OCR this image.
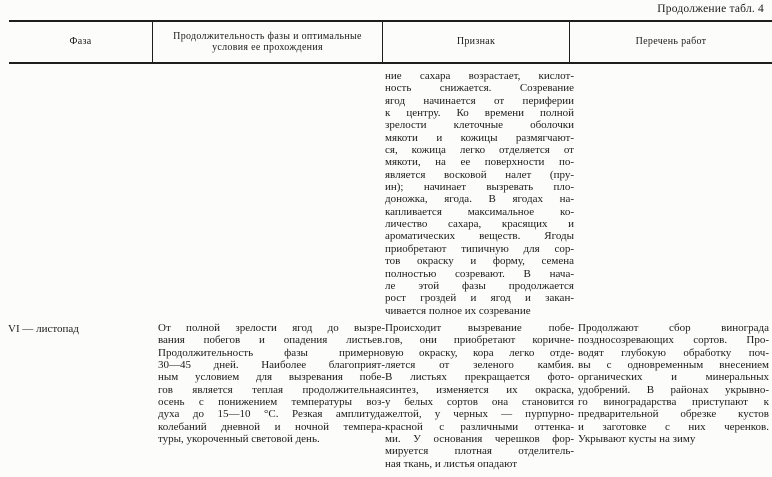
Продолжение табл. 4
Фаза
Продолжительность фазы и оптимальные условия ее прохождения
Признак	Перечень работ
ние сахара возрастает, кислот-
ность снижается. Созревание
ягод начинается от периферии
к центру. Ко времени полной
зрелости клеточные оболочки
мякоти и кожицы размягчают-
ся, кожица легко отделяется от
мякоти, на ее поверхности по-
является восковой налет (пру-
ин); начинает вызревать пло-
доножка, ягода. В ягодах на-
капливается максимальное ко-
личество сахара, красящих и
ароматических веществ. Ягоды
приобретают типичную для сор-
тов окраску и форму, семена
полностью созревают. В нача-
ле этой фазы продолжается
рост гроздей и ягод и закан-
чивается полное их созревание
VI — листопад	От полной зрелости ягод до вызре-
вания побегов и опадения листьев.
Продолжительность фазы примерно
30—45 дней. Наиболее благоприят-
ным условием для вызревания побе-
гов является теплая продолжительная
осень с понижением температуры воз-
духа до 15—10 °С. Резкая амплитуда
колебаний дневной и ночной темпера-
туры, укороченный световой день.
Происходит вызревание побе-
гов, они приобретают коричне-
вую окраску, кора легко отде-
ляется от зеленого камбия.
В листьях прекращается фото-
синтез, изменяется их окраска,
у белых сортов она становится
желтой, у черных — пурпурно-
красной с различными оттенка-
ми. У основания черешков фор-
мируется плотная отделитель-
ная ткань, и листья опадают
Продолжают сбор винограда
поздносозревающих сортов. Про-
водят глубокую обработку поч-
вы с одновременным внесением
органических и минеральных
удобрений. В районах укрывно-
го виноградарства приступают к
предварительной обрезке кустов
и заготовке с них черенков.
Укрывают кусты на зиму
